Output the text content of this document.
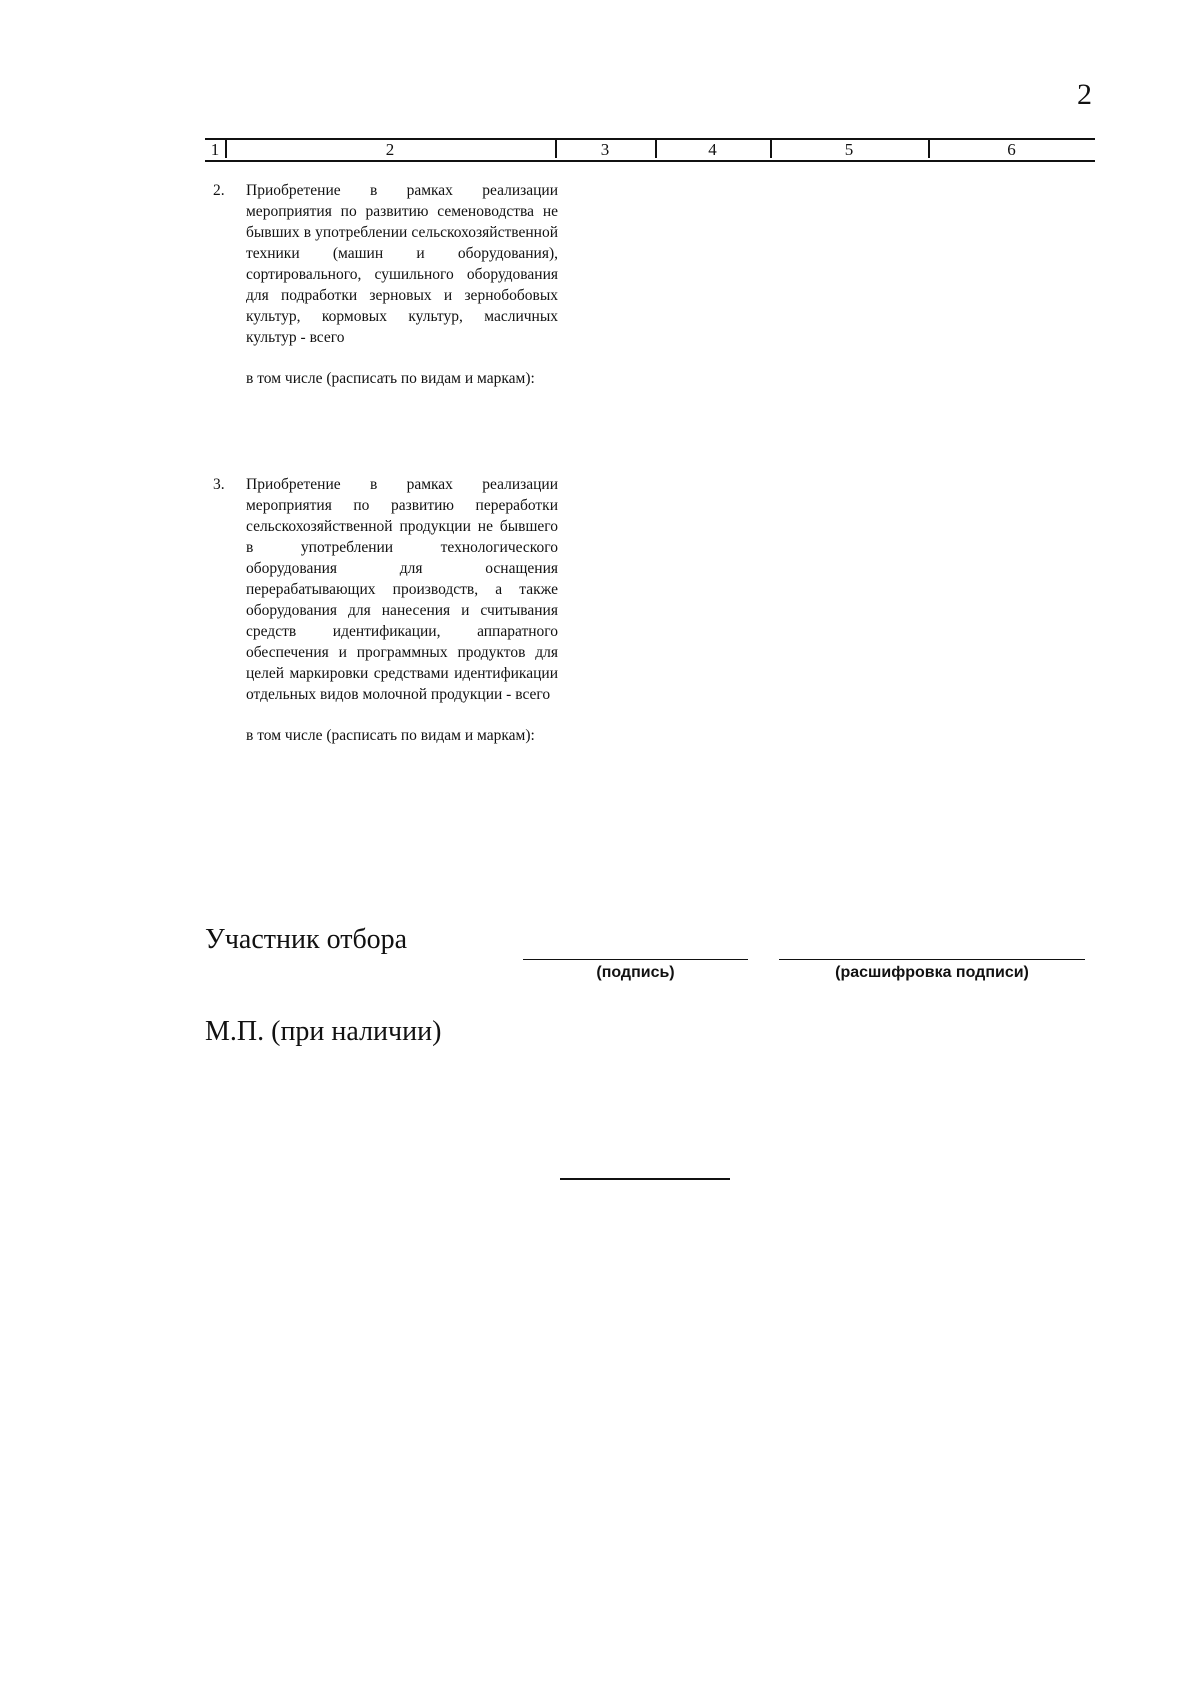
2
1	2	3	4	5	6
2.	Приобретение в рамках реализации мероприятия по развитию семеноводства не бывших в употреблении сельскохозяйственной техники (машин и оборудования), сортировального, сушильного оборудования для подработки зерновых и зернобобовых культур, кормовых культур, масличных культур - всего
в том числе (расписать по видам и маркам):
3.	Приобретение в рамках реализации мероприятия по развитию переработки сельскохозяйственной продукции не бывшего в употреблении технологического оборудования для оснащения перерабатывающих производств, а также оборудования для нанесения и считывания средств идентификации, аппаратного обеспечения и программных продуктов для целей маркировки средствами идентификации отдельных видов молочной продукции - всего
в том числе (расписать по видам и маркам):
Участник отбора
(подпись)	(расшифровка подписи)
М.П. (при наличии)
